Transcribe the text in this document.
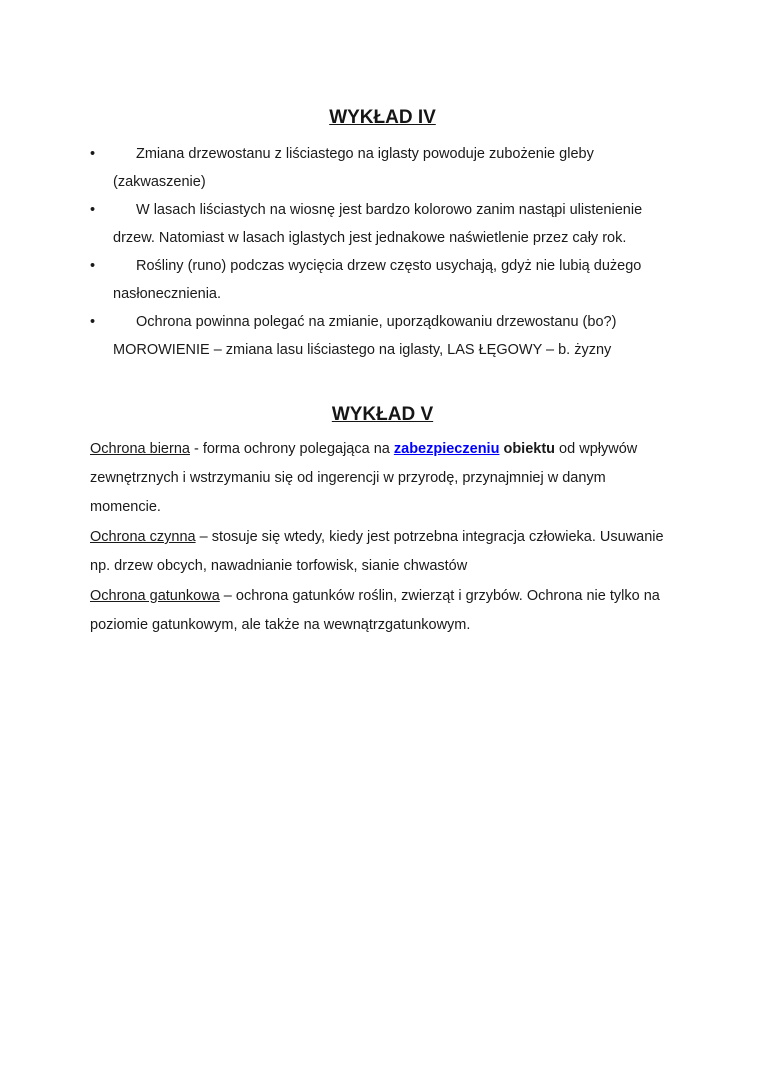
WYKŁAD IV
•	Zmiana drzewostanu z liściastego na iglasty powoduje zubożenie gleby
(zakwaszenie)
•	W lasach liściastych na wiosnę jest bardzo kolorowo zanim nastąpi ulistenienie
drzew. Natomiast w lasach iglastych jest jednakowe naświetlenie przez cały rok.
•	Rośliny (runo) podczas wycięcia drzew często usychają, gdyż nie lubią dużego
nasłonecznienia.
•	Ochrona powinna polegać na zmianie, uporządkowaniu drzewostanu (bo?)
MOROWIENIE – zmiana lasu liściastego na iglasty, LAS ŁĘGOWY – b. żyzny
WYKŁAD V

Ochrona bierna - forma ochrony polegająca na zabezpieczeniu obiektu od wpływów
zewnętrznych i wstrzymaniu się od ingerencji w przyrodę, przynajmniej w danym momencie.

Ochrona czynna – stosuje się wtedy, kiedy jest potrzebna integracja człowieka. Usuwanie
np. drzew obcych, nawadnianie torfowisk, sianie chwastów

Ochrona gatunkowa – ochrona gatunków roślin, zwierząt i grzybów. Ochrona nie tylko na
poziomie gatunkowym, ale także na wewnątrzgatunkowym.
